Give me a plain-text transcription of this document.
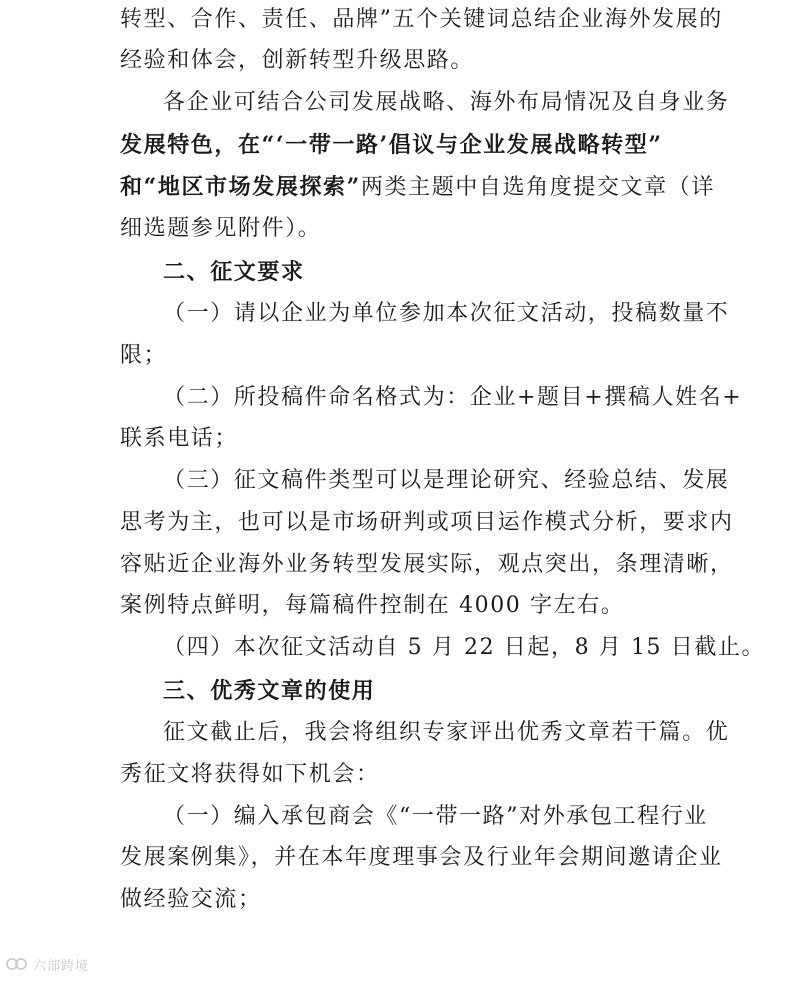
转型、合作、责任、品牌”五个关键词总结企业海外发展的
经验和体会，创新转型升级思路。
各企业可结合公司发展战略、海外布局情况及自身业务
发展特色，在“‘一带一路’倡议与企业发展战略转型”
和“地区市场发展探索”两类主题中自选角度提交文章（详
细选题参见附件）。
二、征文要求
（一）请以企业为单位参加本次征文活动，投稿数量不
限；
（二）所投稿件命名格式为：企业+题目+撰稿人姓名+
联系电话；
（三）征文稿件类型可以是理论研究、经验总结、发展
思考为主，也可以是市场研判或项目运作模式分析，要求内
容贴近企业海外业务转型发展实际，观点突出，条理清晰，
案例特点鲜明，每篇稿件控制在 4000 字左右。
（四）本次征文活动自 5 月 22 日起，8 月 15 日截止。
三、优秀文章的使用
征文截止后，我会将组织专家评出优秀文章若干篇。优
秀征文将获得如下机会：
（一）编入承包商会《“一带一路”对外承包工程行业
发展案例集》，并在本年度理事会及行业年会期间邀请企业
做经验交流；
六部跨境
